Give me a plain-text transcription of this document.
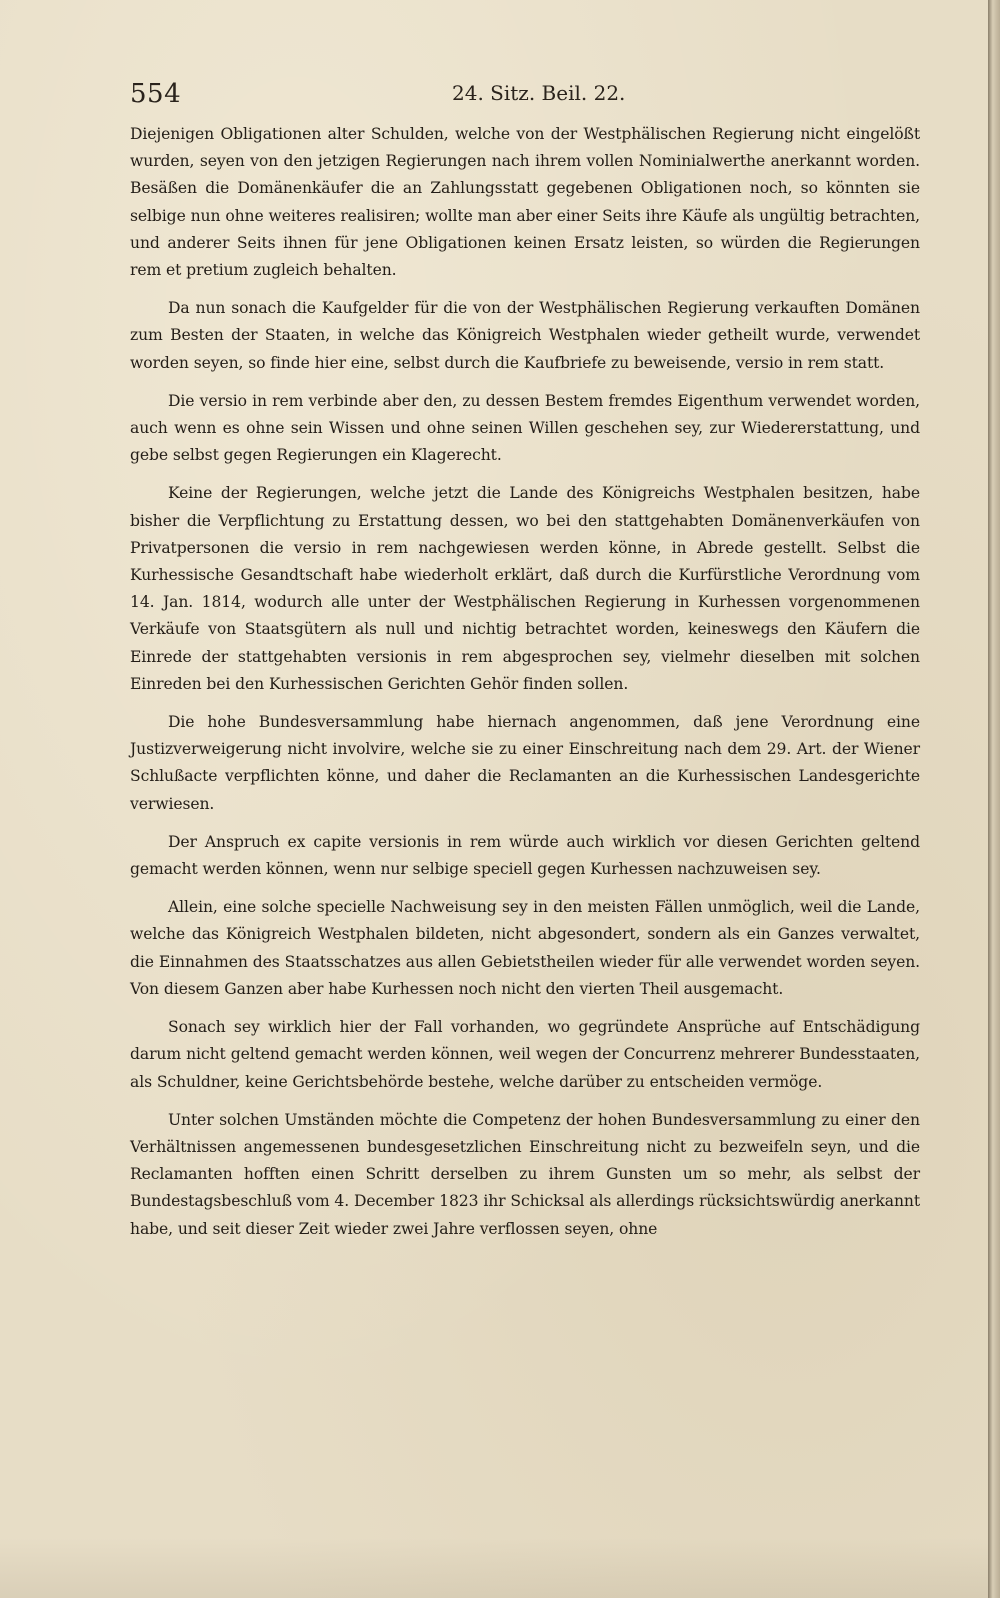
554	24. Sitz. Beil. 22.

Diejenigen Obligationen alter Schulden, welche von der Westphälischen Regierung nicht eingelößt wurden, seyen von den jetzigen Regierungen nach ihrem vollen Nominialwerthe anerkannt worden. Besäßen die Domänenkäufer die an Zahlungsstatt gegebenen Obligationen noch, so könnten sie selbige nun ohne weiteres realisiren; wollte man aber einer Seits ihre Käufe als ungültig betrachten, und anderer Seits ihnen für jene Obligationen keinen Ersatz leisten, so würden die Regierungen rem et pretium zugleich behalten.

Da nun sonach die Kaufgelder für die von der Westphälischen Regierung verkauften Domänen zum Besten der Staaten, in welche das Königreich Westphalen wieder getheilt wurde, verwendet worden seyen, so finde hier eine, selbst durch die Kaufbriefe zu beweisende, versio in rem statt.

Die versio in rem verbinde aber den, zu dessen Bestem fremdes Eigenthum verwendet worden, auch wenn es ohne sein Wissen und ohne seinen Willen geschehen sey, zur Wiedererstattung, und gebe selbst gegen Regierungen ein Klagerecht.

Keine der Regierungen, welche jetzt die Lande des Königreichs Westphalen besitzen, habe bisher die Verpflichtung zu Erstattung dessen, wo bei den stattgehabten Domänenverkäufen von Privatpersonen die versio in rem nachgewiesen werden könne, in Abrede gestellt. Selbst die Kurhessische Gesandtschaft habe wiederholt erklärt, daß durch die Kurfürstliche Verordnung vom 14. Jan. 1814, wodurch alle unter der Westphälischen Regierung in Kurhessen vorgenommenen Verkäufe von Staatsgütern als null und nichtig betrachtet worden, keineswegs den Käufern die Einrede der stattgehabten versionis in rem abgesprochen sey, vielmehr dieselben mit solchen Einreden bei den Kurhessischen Gerichten Gehör finden sollen.

Die hohe Bundesversammlung habe hiernach angenommen, daß jene Verordnung eine Justizverweigerung nicht involvire, welche sie zu einer Einschreitung nach dem 29. Art. der Wiener Schlußacte verpflichten könne, und daher die Reclamanten an die Kurhessischen Landesgerichte verwiesen.

Der Anspruch ex capite versionis in rem würde auch wirklich vor diesen Gerichten geltend gemacht werden können, wenn nur selbige speciell gegen Kurhessen nachzuweisen sey.

Allein, eine solche specielle Nachweisung sey in den meisten Fällen unmöglich, weil die Lande, welche das Königreich Westphalen bildeten, nicht abgesondert, sondern als ein Ganzes verwaltet, die Einnahmen des Staatsschatzes aus allen Gebietstheilen wieder für alle verwendet worden seyen. Von diesem Ganzen aber habe Kurhessen noch nicht den vierten Theil ausgemacht.

Sonach sey wirklich hier der Fall vorhanden, wo gegründete Ansprüche auf Entschädigung darum nicht geltend gemacht werden können, weil wegen der Concurrenz mehrerer Bundesstaaten, als Schuldner, keine Gerichtsbehörde bestehe, welche darüber zu entscheiden vermöge.

Unter solchen Umständen möchte die Competenz der hohen Bundesversammlung zu einer den Verhältnissen angemessenen bundesgesetzlichen Einschreitung nicht zu bezweifeln seyn, und die Reclamanten hofften einen Schritt derselben zu ihrem Gunsten um so mehr, als selbst der Bundestagsbeschluß vom 4. December 1823 ihr Schicksal als allerdings rücksichtswürdig anerkannt habe, und seit dieser Zeit wieder zwei Jahre verflossen seyen, ohne
